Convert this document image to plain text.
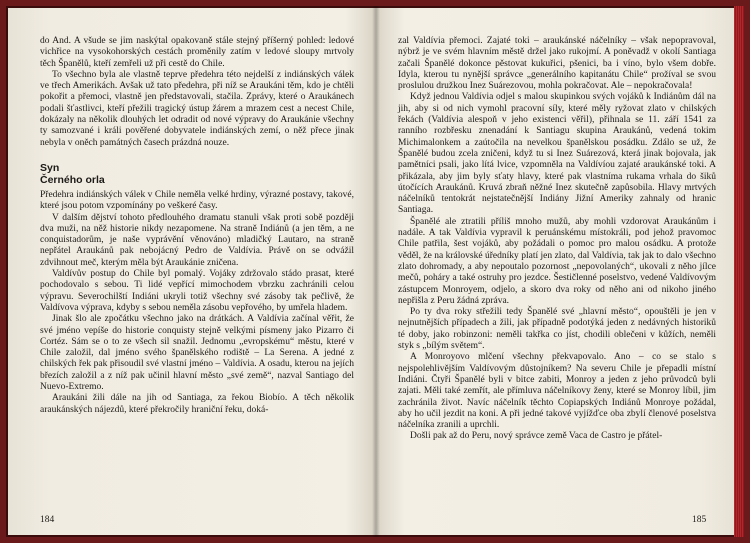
do And. A všude se jim naskýtal opakovaně stále stejný příšerný pohled: ledové vichřice na vysokohorských cestách proměnily zatím v ledové sloupy mrtvoly těch Španělů, kteří zemřeli už při cestě do Chile.

To všechno byla ale vlastně teprve předehra této nejdelší z indiánských válek ve třech Amerikách. Avšak už tato předehra, při níž se Araukáni těm, kdo je chtěli pokořit a přemoci, vlastně jen představovali, stačila. Zprávy, které o Araukánech podali šťastlivci, kteří přežili tragický ústup žárem a mrazem cest a necest Chile, dokázaly na několik dlouhých let odradit od nové výpravy do Araukánie všechny ty samozvané i králi pověřené dobyvatele indiánských zemí, o něž přece jinak nebyla v oněch památných časech prázdná nouze.

Syn
Černého orla

Předehra indiánských válek v Chile neměla velké hrdiny, výrazné postavy, takové, které jsou potom vzpomínány po veškeré časy.

V dalším dějství tohoto předlouhého dramatu stanuli však proti sobě později dva muži, na něž historie nikdy nezapomene. Na straně Indiánů (a jen těm, a ne conquistadorům, je naše vyprávění věnováno) mladičký Lautaro, na straně nepřátel Araukánů pak nebojácný Pedro de Valdívia. Právě on se odvážil zdvihnout meč, kterým měla být Araukánie zničena.

Valdívův postup do Chile byl pomalý. Vojáky zdržovalo stádo prasat, které pochodovalo s sebou. Ti lidé vepřící mimochodem vbrzku zachránili celou výpravu. Severochilští Indiáni ukryli totiž všechny své zásoby tak pečlivě, že Valdívova výprava, kdyby s sebou neměla zásobu vepřového, by umřela hladem.

Jinak šlo ale zpočátku všechno jako na drátkách. A Valdívia začínal věřit, že své jméno vepíše do historie conquisty stejně velkými písmeny jako Pizarro či Cortéz. Sám se o to ze všech sil snažil. Jednomu „evropskému“ městu, které v Chile založil, dal jméno svého španělského rodiště – La Serena. A jedné z chilských řek pak přisoudil své vlastní jméno – Valdívia. A osadu, kterou na jejích březích založil a z níž pak učinil hlavní město „své země“, nazval Santiago del Nuevo-Extremo.

Araukáni žili dále na jih od Santiaga, za řekou Biobío. A těch několik araukánských nájezdů, které překročily hraniční řeku, doká-

184

zal Valdívia přemoci. Zajaté toki – araukánské náčelníky – však nepopravoval, nýbrž je ve svém hlavním městě držel jako rukojmí. A poněvadž v okolí Santiaga začali Španělé dokonce pěstovat kukuřici, pšenici, ba i víno, bylo všem dobře. Idyla, kterou tu nynější správce „generálního kapitanátu Chile“ prožíval se svou proslulou družkou Inez Suárezovou, mohla pokračovat. Ale – nepokračovala!

Když jednou Valdívia odjel s malou skupinkou svých vojáků k Indiánům dál na jih, aby si od nich vymohl pracovní síly, které měly ryžovat zlato v chilských řekách (Valdívia alespoň v jeho existenci věřil), přihnala se 11. září 1541 za ranního rozbřesku znenadání k Santiagu skupina Araukánů, vedená tokim Michimalonkem a zaútočila na nevelkou španělskou posádku. Zdálo se už, že Španělé budou zcela zničeni, když tu si Inez Suárezová, která jinak bojovala, jak pamětníci psali, jako lítá lvice, vzpomněla na Valdívíou zajaté araukánské toki. A přikázala, aby jim byly sťaty hlavy, které pak vlastníma rukama vrhala do šiků útočících Araukánů. Kruvá zbraň něžné Inez skutečně zapůsobila. Hlavy mrtvých náčelníků tentokrát nejstatečnější Indiány Jižní Ameriky zahnaly od hranic Santiaga.

Španělé ale ztratili příliš mnoho mužů, aby mohli vzdorovat Araukánům i nadále. A tak Valdívia vypravil k peruánskému místokráli, pod jehož pravomoc Chile patřila, šest vojáků, aby požádali o pomoc pro malou osádku. A protože věděl, že na královské úředníky platí jen zlato, dal Valdívia, tak jak to dalo všechno zlato dohromady, a aby nepoutalo pozornost „nepovolaných“, ukovali z něho jílce mečů, poháry a také ostruhy pro jezdce. Šestičlenné poselstvo, vedené Valdívovým zástupcem Monroyem, odjelo, a skoro dva roky od něho ani od nikoho jiného nepřišla z Peru žádná zpráva.

Po ty dva roky střežili tedy Španělé své „hlavní město“, opouštěli je jen v nejnutnějších případech a žili, jak případně podotýká jeden z nedávných historiků té doby, jako robinzoni: neměli takřka co jíst, chodili oblečeni v kůžích, neměli styk s „bílým světem“.

A Monroyovo mlčení všechny překvapovalo. Ano – co se stalo s nejspolehlivějším Valdívovým důstojníkem? Na severu Chile je přepadli místní Indiáni. Čtyři Španělé byli v bitce zabiti, Monroy a jeden z jeho průvodců byli zajati. Měli také zemřít, ale přímluva náčelníkovy ženy, které se Monroy líbil, jim zachránila život. Navíc náčelník těchto Copiapských Indiánů Monroye požádal, aby ho učil jezdit na koni. A při jedné takové vyjížďce oba zbylí členové poselstva náčelníka zranili a uprchli.

Došli pak až do Peru, nový správce země Vaca de Castro je přátel-

185
